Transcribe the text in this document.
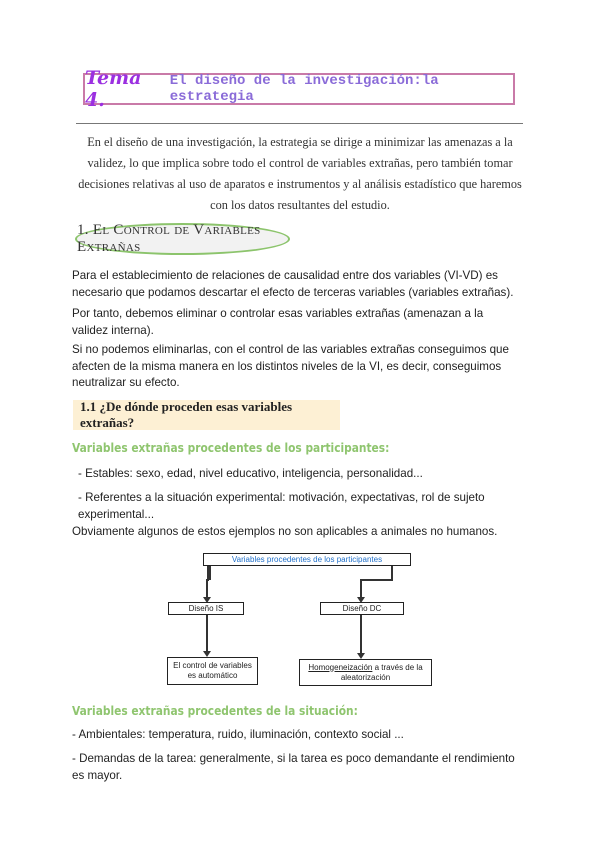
Tema 4.
El diseño de la investigación:la estrategia
En el diseño de una investigación, la estrategia se dirige a minimizar las amenazas a la validez, lo que implica sobre todo el control de variables extrañas, pero también tomar decisiones relativas al uso de aparatos e instrumentos y al análisis estadístico que haremos con los datos resultantes del estudio.
1. El Control de Variables Extrañas
Para el establecimiento de relaciones de causalidad entre dos variables (VI-VD) es necesario que podamos descartar el efecto de terceras variables (variables extrañas).
Por tanto, debemos eliminar o controlar esas variables extrañas (amenazan a la validez interna).
Si no podemos eliminarlas, con el control de las variables extrañas conseguimos que afecten de la misma manera en los distintos niveles de la VI, es decir, conseguimos neutralizar su efecto.
1.1 ¿De dónde proceden esas variables extrañas?
Variables extrañas procedentes de los participantes:
- Estables: sexo, edad, nivel educativo, inteligencia, personalidad...
- Referentes a la situación experimental: motivación, expectativas, rol de sujeto experimental...
Obviamente algunos de estos ejemplos no son aplicables a animales no humanos.
Variables procedentes de los participantes
Diseño IS	Diseño DC
El control de variables es automático
Homogeneización a través de la aleatorización
Variables extrañas procedentes de la situación:
- Ambientales: temperatura, ruido, iluminación, contexto social ...
- Demandas de la tarea: generalmente, si la tarea es poco demandante el rendimiento es mayor.
